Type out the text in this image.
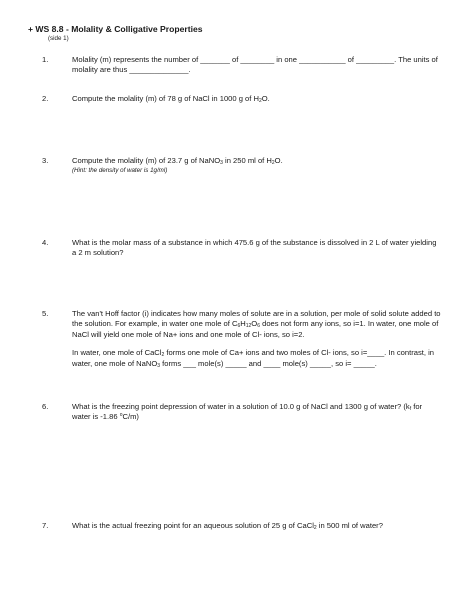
+ WS 8.8 - Molality & Colligative Properties
(side 1)
1.	Molality (m) represents the number of _______ of ________ in one ___________ of _________. The units of molality are thus ______________.
2.	Compute the molality (m) of 78 g of NaCl in 1000 g of $H_2O$.
3.	Compute the molality (m) of 23.7 g of NaNO$_3$ in 250 ml of $H_2O$.
(Hint: the density of water is 1g/ml)
4.	What is the molar mass of a substance in which 475.6 g of the substance is dissolved in 2 L of water yielding a 2 m solution?
5.	The van't Hoff factor (i) indicates how many moles of solute are in a solution, per mole of solid solute added to the solution. For example, in water one mole of $C_6H_{12}O_6$ does not form any ions, so i=1. In water, one mole of NaCl will yield one mole of Na+ ions and one mole of Cl- ions, so i=2.
In water, one mole of CaCl$_2$ forms one mole of Ca+ ions and two moles of Cl- ions, so i=____. In contrast, in water, one mole of NaNO$_3$ forms ___ mole(s) _____ and ____ mole(s) _____, so i= _____.
6.	What is the freezing point depression of water in a solution of 10.0 g of NaCl and 1300 g of water? ($k_f$ for water is -1.86 $^o$C/m)
7.	What is the actual freezing point for an aqueous solution of 25 g of CaCl$_2$ in 500 ml of water?
